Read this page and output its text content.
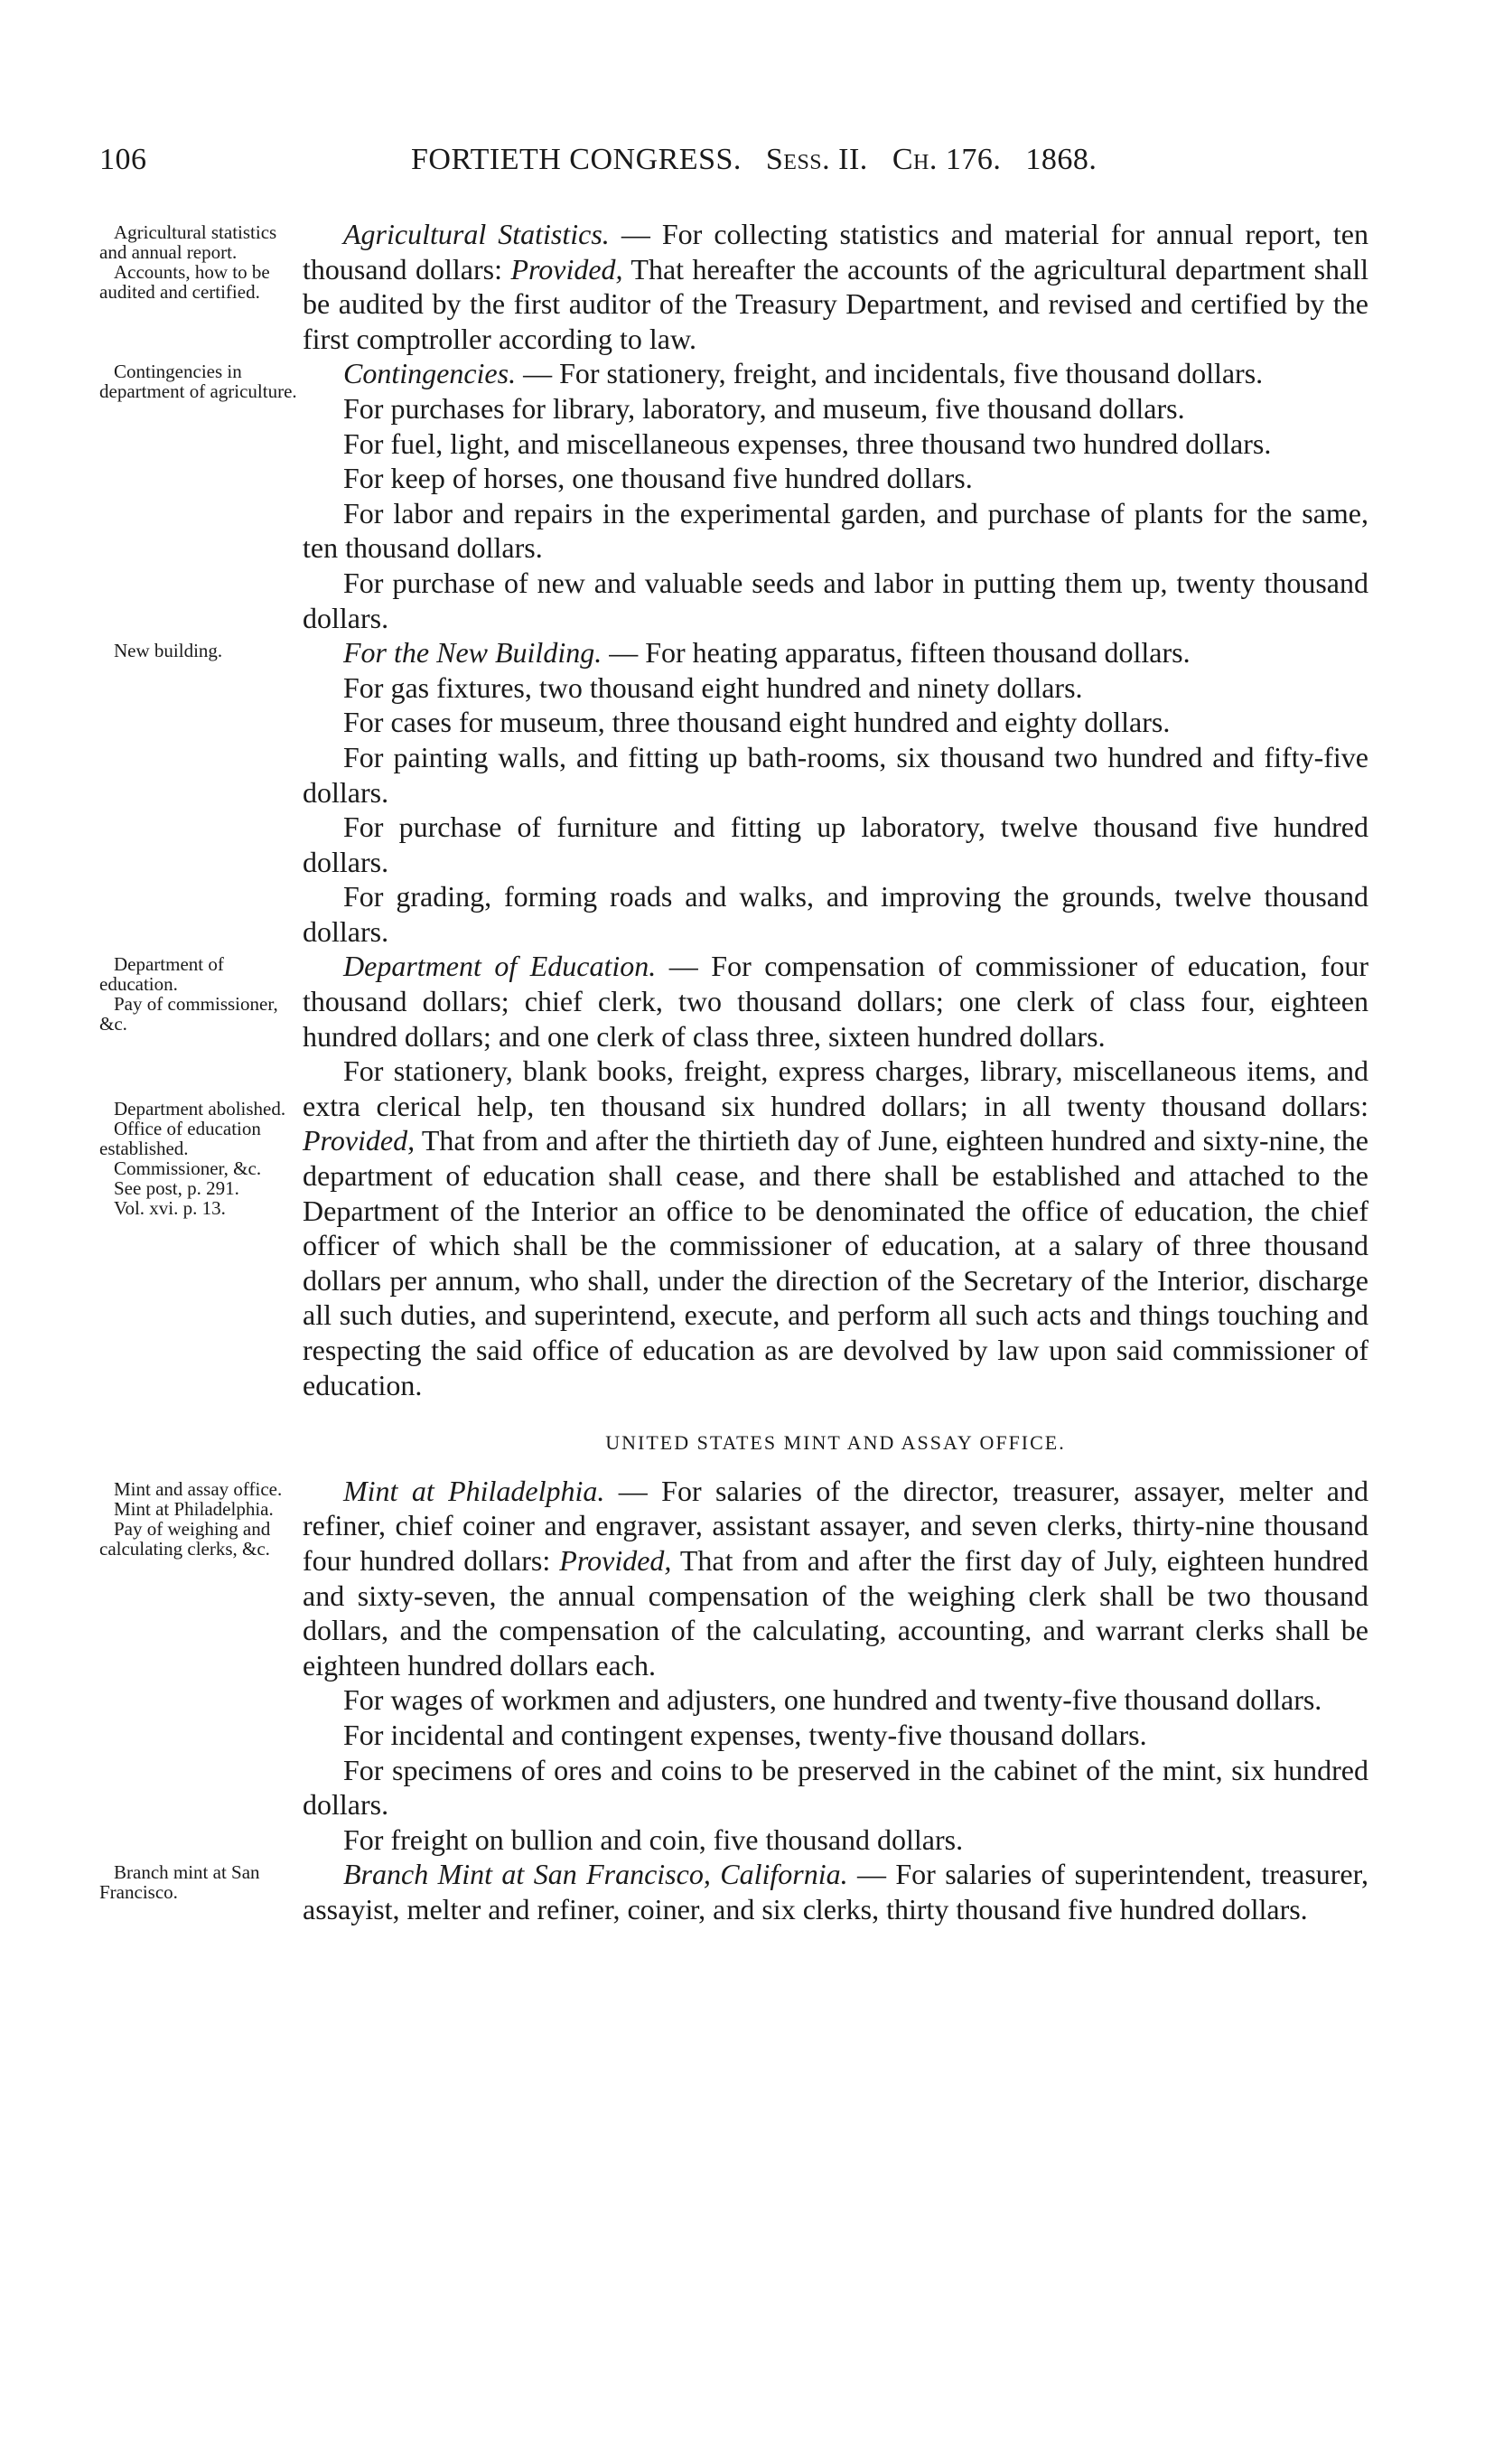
106	FORTIETH CONGRESS. Sess. II. Ch. 176. 1868.

Agricultural statistics and annual report.

Accounts, how to be audited and certified.

Agricultural Statistics. — For collecting statistics and material for annual report, ten thousand dollars: Provided, That hereafter the accounts of the agricultural department shall be audited by the first auditor of the Treasury Department, and revised and certified by the first comptroller according to law.

Contingencies in department of agriculture.

Contingencies. — For stationery, freight, and incidentals, five thousand dollars.

For purchases for library, laboratory, and museum, five thousand dollars.

For fuel, light, and miscellaneous expenses, three thousand two hundred dollars.

For keep of horses, one thousand five hundred dollars.

For labor and repairs in the experimental garden, and purchase of plants for the same, ten thousand dollars.

For purchase of new and valuable seeds and labor in putting them up, twenty thousand dollars.

New building.	For the New Building. — For heating apparatus, fifteen thousand dollars.

For gas fixtures, two thousand eight hundred and ninety dollars.

For cases for museum, three thousand eight hundred and eighty dollars.

For painting walls, and fitting up bath-rooms, six thousand two hundred and fifty-five dollars.

For purchase of furniture and fitting up laboratory, twelve thousand five hundred dollars.

For grading, forming roads and walks, and improving the grounds, twelve thousand dollars.

Department of education.

Pay of commissioner, &c.

Department of Education. — For compensation of commissioner of education, four thousand dollars; chief clerk, two thousand dollars; one clerk of class four, eighteen hundred dollars; and one clerk of class three, sixteen hundred dollars.

Department abolished.

Office of education established.

Commissioner, &c.

See post, p. 291.

Vol. xvi. p. 13.

For stationery, blank books, freight, express charges, library, miscellaneous items, and extra clerical help, ten thousand six hundred dollars; in all twenty thousand dollars: Provided, That from and after the thirtieth day of June, eighteen hundred and sixty-nine, the department of education shall cease, and there shall be established and attached to the Department of the Interior an office to be denominated the office of education, the chief officer of which shall be the commissioner of education, at a salary of three thousand dollars per annum, who shall, under the direction of the Secretary of the Interior, discharge all such duties, and superintend, execute, and perform all such acts and things touching and respecting the said office of education as are devolved by law upon said commissioner of education.

UNITED STATES MINT AND ASSAY OFFICE.

Mint and assay office.

Mint at Philadelphia.

Pay of weighing and calculating clerks, &c.

Mint at Philadelphia. — For salaries of the director, treasurer, assayer, melter and refiner, chief coiner and engraver, assistant assayer, and seven clerks, thirty-nine thousand four hundred dollars: Provided, That from and after the first day of July, eighteen hundred and sixty-seven, the annual compensation of the weighing clerk shall be two thousand dollars, and the compensation of the calculating, accounting, and warrant clerks shall be eighteen hundred dollars each.

For wages of workmen and adjusters, one hundred and twenty-five thousand dollars.

For incidental and contingent expenses, twenty-five thousand dollars.

For specimens of ores and coins to be preserved in the cabinet of the mint, six hundred dollars.

For freight on bullion and coin, five thousand dollars.

Branch mint at San Francisco.

Branch Mint at San Francisco, California. — For salaries of superintendent, treasurer, assayist, melter and refiner, coiner, and six clerks, thirty thousand five hundred dollars.
